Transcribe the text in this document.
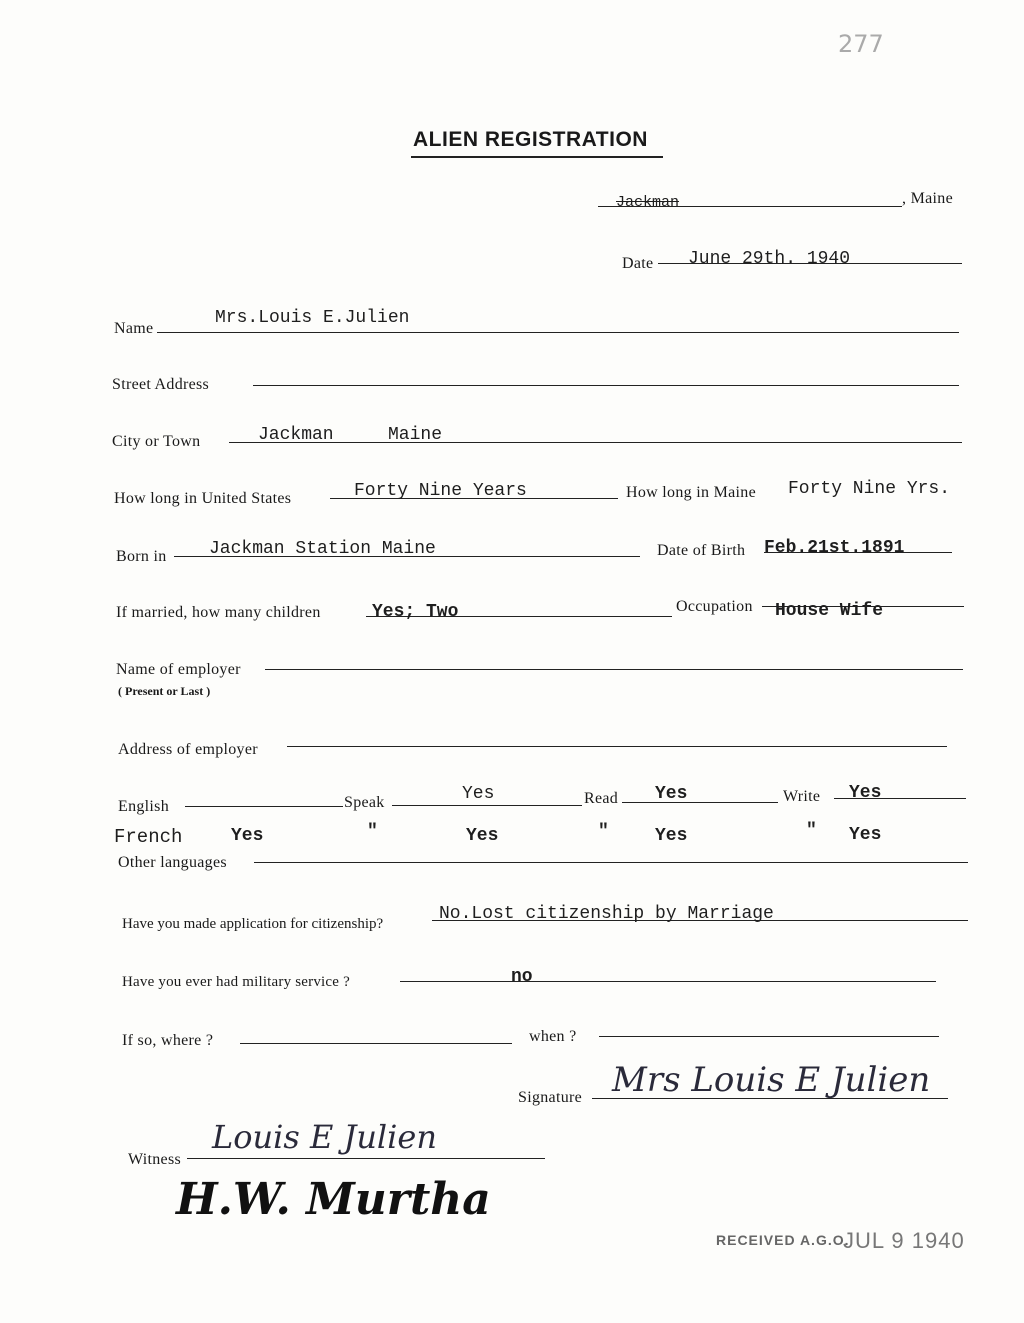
277
ALIEN REGISTRATION
Jackman	, Maine
Date June 29th. 1940
Name
Mrs.Louis E.Julien
Street Address
City or Town	Jackman	Maine
How long in United States	Forty Nine Years	How long in Maine Forty Nine Yrs.
Born in Jackman Station Maine	Date of Birth Feb.21st.1891
If married, how many children	Yes; Two	Occupation House Wife
Name of employer
( Present or Last )
Address of employer
English	Speak	Yes	Read Yes	Write Yes
French	Yes	"	Yes	"	Yes	" Yes
Other languages
Have you made application for citizenship?	No.Lost citizenship by Marriage
Have you ever had military service ?	no
If so, where ?	when ?
Signature Mrs Louis E Julien
Witness
Louis E Julien
H.W. Murtha
RECEIVED A.G.O.
JUL 9 1940
